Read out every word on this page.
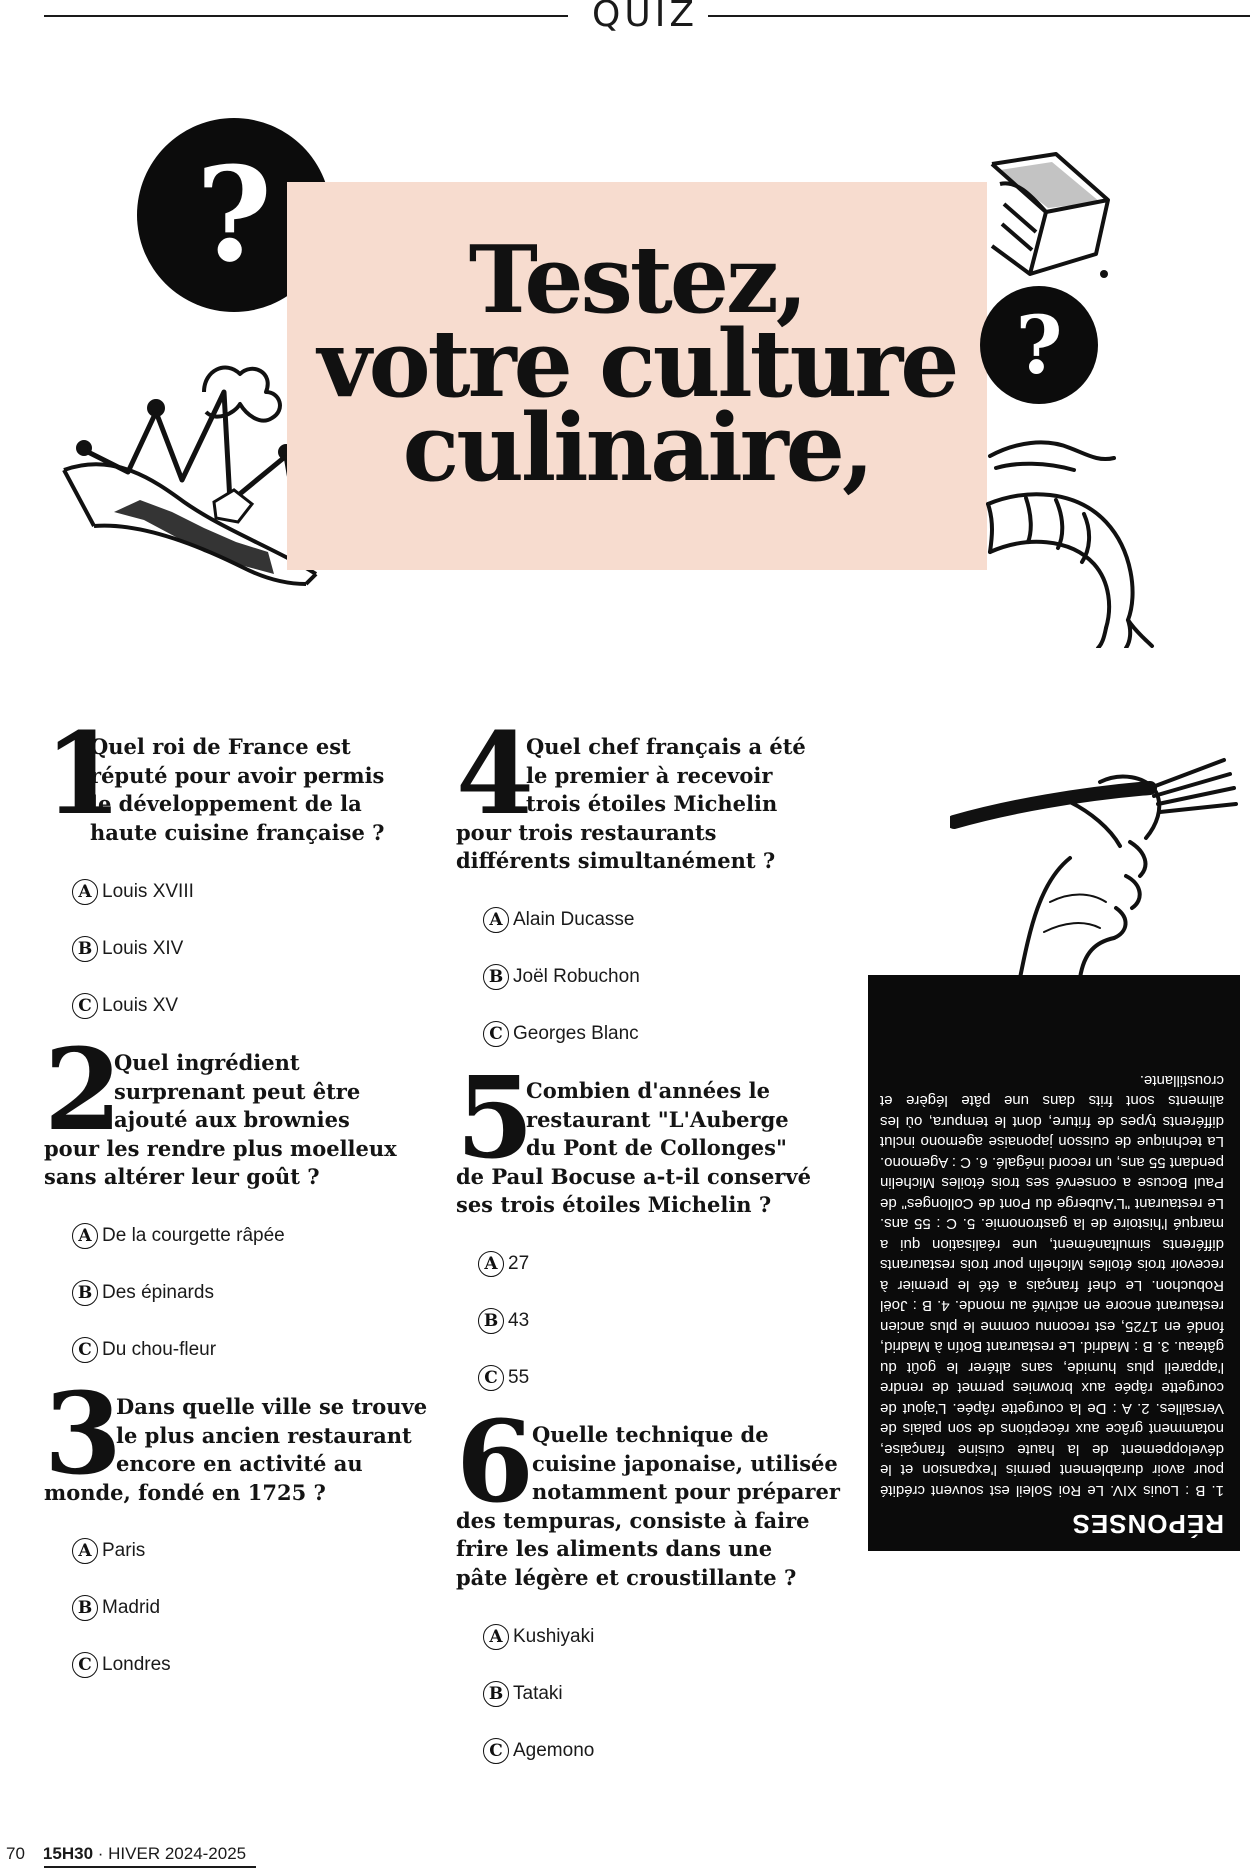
QUIZ
?	Testez,
votre culture
culinaire,
?
1
Quel roi de France est
réputé pour avoir permis
le développement de la
haute cuisine française ?
A Louis XVIII
B Louis XIV
C Louis XV
2
Quel ingrédient
surprenant peut être
ajouté aux brownies
pour les rendre plus moelleux
sans altérer leur goût ?
A De la courgette râpée
B Des épinards
C Du chou-fleur
3
Dans quelle ville se trouve
le plus ancien restaurant
encore en activité au
monde, fondé en 1725 ?
A Paris
B Madrid
C Londres
4
Quel chef français a été
le premier à recevoir
trois étoiles Michelin
pour trois restaurants
différents simultanément ?
A Alain Ducasse
B Joël Robuchon
C Georges Blanc
5
Combien d'années le
restaurant "L'Auberge
du Pont de Collonges"
de Paul Bocuse a-t-il conservé
ses trois étoiles Michelin ?
A 27
B 43
C 55
6
Quelle technique de
cuisine japonaise, utilisée
notamment pour préparer
des tempuras, consiste à faire
frire les aliments dans une
pâte légère et croustillante ?
A Kushiyaki
B Tataki
C Agemono
RÉPONSES

1. B : Louis XIV. Le Roi Soleil est souvent crédité pour avoir durablement permis l'expansion et le développement de la haute cuisine française, notamment grâce aux réceptions de son palais de Versailles. 2. A : De la courgette râpée. L'ajout de courgette râpée aux brownies permet de rendre l'appareil plus humide, sans altérer le goût du gâteau. 3. B : Madrid. Le restaurant Botín à Madrid, fondé en 1725, est reconnu comme le plus ancien restaurant encore en activité au monde. 4. B : Joël Robuchon. Le chef français a été le premier à recevoir trois étoiles Michelin pour trois restaurants différents simultanément, une réalisation qui a marqué l'histoire de la gastronomie. 5. C : 55 ans. Le restaurant "L'Auberge du Pont de Collonges" de Paul Bocuse a conservé ses trois étoiles Michelin pendant 55 ans, un record inégalé. 6. C : Agemono. La technique de cuisson japonaise agemono inclut différents types de friture, dont le tempura, où les aliments sont frits dans une pâte légère et croustillante.

70 15H30 · HIVER 2024-2025
